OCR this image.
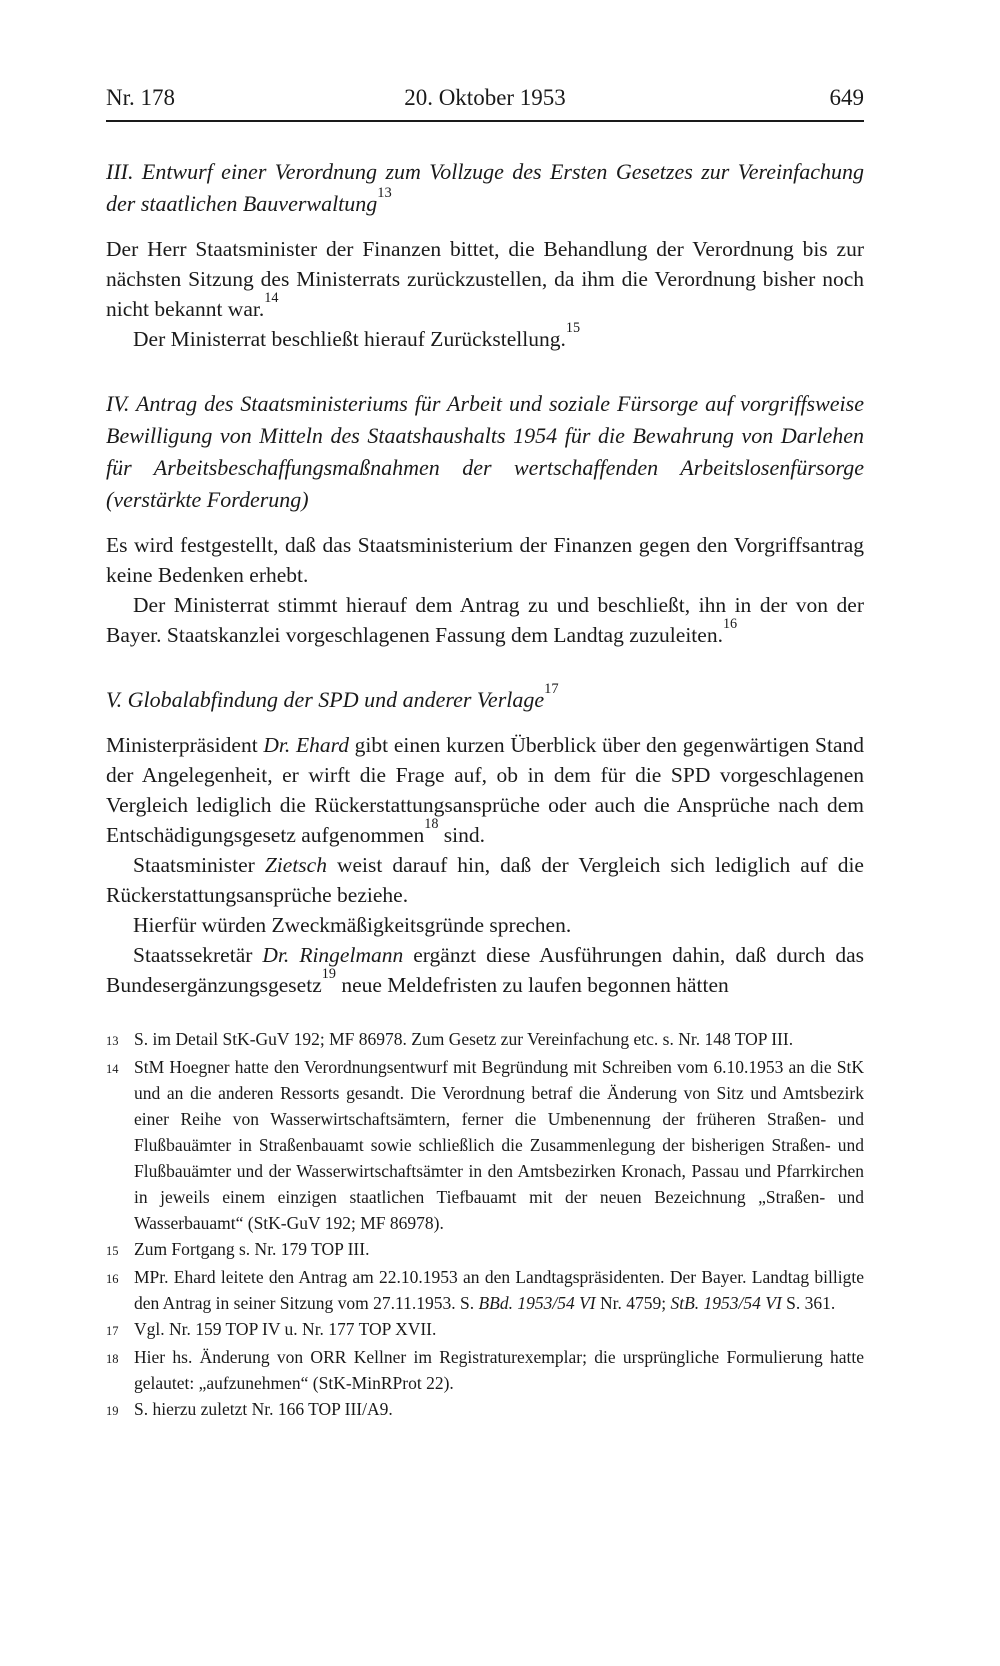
Nr. 178	20. Oktober 1953	649
III. Entwurf einer Verordnung zum Vollzuge des Ersten Gesetzes zur Vereinfachung der staatlichen Bauverwaltung$^{13}$

Der Herr Staatsminister der Finanzen bittet, die Behandlung der Verordnung bis zur nächsten Sitzung des Ministerrats zurückzustellen, da ihm die Verordnung bisher noch nicht bekannt war.$^{14}$

Der Ministerrat beschließt hierauf Zurückstellung.$^{15}$

IV. Antrag des Staatsministeriums für Arbeit und soziale Fürsorge auf vorgriffsweise Bewilligung von Mitteln des Staatshaushalts 1954 für die Bewahrung von Darlehen für Arbeitsbeschaffungsmaßnahmen der wertschaffenden Arbeitslosenfürsorge (verstärkte Forderung)

Es wird festgestellt, daß das Staatsministerium der Finanzen gegen den Vorgriffsantrag keine Bedenken erhebt.

Der Ministerrat stimmt hierauf dem Antrag zu und beschließt, ihn in der von der Bayer. Staatskanzlei vorgeschlagenen Fassung dem Landtag zuzuleiten.$^{16}$

V. Globalabfindung der SPD und anderer Verlage$^{17}$

Ministerpräsident Dr. Ehard gibt einen kurzen Überblick über den gegenwärtigen Stand der Angelegenheit, er wirft die Frage auf, ob in dem für die SPD vorgeschlagenen Vergleich lediglich die Rückerstattungsansprüche oder auch die Ansprüche nach dem Entschädigungsgesetz aufgenommen$^{18}$ sind.

Staatsminister Zietsch weist darauf hin, daß der Vergleich sich lediglich auf die Rückerstattungsansprüche beziehe.

Hierfür würden Zweckmäßigkeitsgründe sprechen.

Staatssekretär Dr. Ringelmann ergänzt diese Ausführungen dahin, daß durch das Bundesergänzungsgesetz$^{19}$ neue Meldefristen zu laufen begonnen hätten

13 S. im Detail StK-GuV 192; MF 86978. Zum Gesetz zur Vereinfachung etc. s. Nr. 148 TOP III.
14 StM Hoegner hatte den Verordnungsentwurf mit Begründung mit Schreiben vom 6.10.1953 an die StK und an die anderen Ressorts gesandt. Die Verordnung betraf die Änderung von Sitz und Amtsbezirk einer Reihe von Wasserwirtschaftsämtern, ferner die Umbenennung der früheren Straßen- und Flußbauämter in Straßenbauamt sowie schließlich die Zusammenlegung der bisherigen Straßen- und Flußbauämter und der Wasserwirtschaftsämter in den Amtsbezirken Kronach, Passau und Pfarrkirchen in jeweils einem einzigen staatlichen Tiefbauamt mit der neuen Bezeichnung „Straßen- und Wasserbauamt“ (StK-GuV 192; MF 86978).
15 Zum Fortgang s. Nr. 179 TOP III.
16 MPr. Ehard leitete den Antrag am 22.10.1953 an den Landtagspräsidenten. Der Bayer. Landtag billigte den Antrag in seiner Sitzung vom 27.11.1953. S. BBd. 1953/54 VI Nr. 4759; StB. 1953/54 VI S. 361.
17 Vgl. Nr. 159 TOP IV u. Nr. 177 TOP XVII.
18 Hier hs. Änderung von ORR Kellner im Registraturexemplar; die ursprüngliche Formulierung hatte gelautet: „aufzunehmen“ (StK-MinRProt 22).
19 S. hierzu zuletzt Nr. 166 TOP III/A9.
